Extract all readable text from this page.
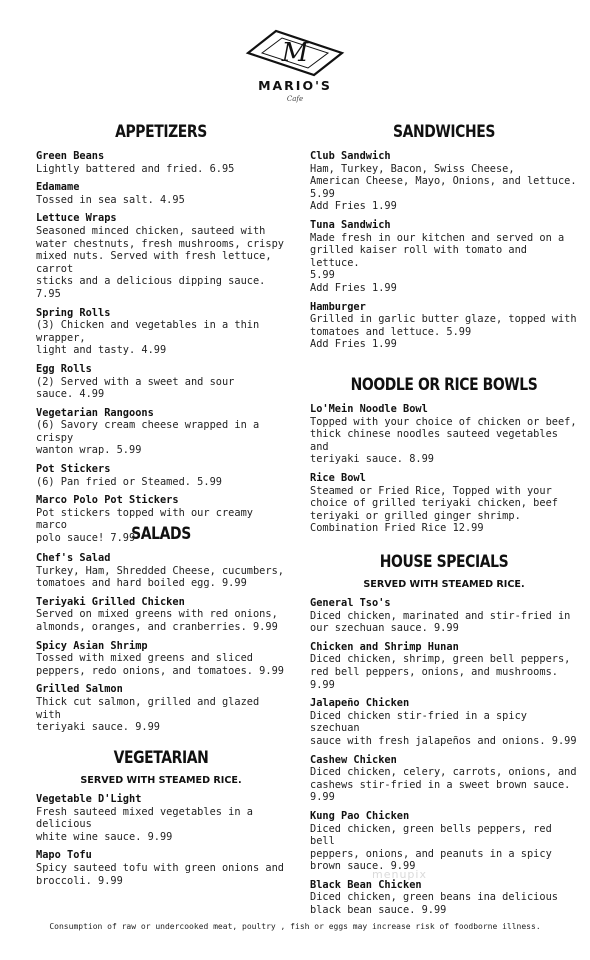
M
MARIO'S
Cafe
APPETIZERS
Green Beans
Lightly battered and fried. 6.95
Edamame
Tossed in sea salt. 4.95
Lettuce Wraps
Seasoned minced chicken, sauteed with
water chestnuts, fresh mushrooms, crispy
mixed nuts. Served with fresh lettuce, carrot
sticks and a delicious dipping sauce. 7.95
Spring Rolls
(3) Chicken and vegetables in a thin wrapper,
light and tasty. 4.99
Egg Rolls
(2) Served with a sweet and sour
sauce. 4.99
Vegetarian Rangoons
(6) Savory cream cheese wrapped in a crispy
wanton wrap. 5.99
Pot Stickers
(6) Pan fried or Steamed. 5.99
Marco Polo Pot Stickers
Pot stickers topped with our creamy marco
polo sauce! 7.99
SALADS
Chef's Salad
Turkey, Ham, Shredded Cheese, cucumbers,
tomatoes and hard boiled egg. 9.99
Teriyaki Grilled Chicken
Served on mixed greens with red onions,
almonds, oranges, and cranberries. 9.99
Spicy Asian Shrimp
Tossed with mixed greens and sliced
peppers, redo onions, and tomatoes. 9.99
Grilled Salmon
Thick cut salmon, grilled and glazed with
teriyaki sauce. 9.99
VEGETARIAN
SERVED WITH STEAMED RICE.
Vegetable D'Light
Fresh sauteed mixed vegetables in a delicious
white wine sauce. 9.99
Mapo Tofu
Spicy sauteed tofu with green onions and
broccoli. 9.99
SANDWICHES
Club Sandwich
Ham, Turkey, Bacon, Swiss Cheese,
American Cheese, Mayo, Onions, and lettuce.
5.99
Add Fries 1.99
Tuna Sandwich
Made fresh in our kitchen and served on a
grilled kaiser roll with tomato and lettuce.
5.99
Add Fries 1.99
Hamburger
Grilled in garlic butter glaze, topped with
tomatoes and lettuce. 5.99
Add Fries 1.99
NOODLE OR RICE BOWLS
Lo'Mein Noodle Bowl
Topped with your choice of chicken or beef,
thick chinese noodles sauteed vegetables and
teriyaki sauce. 8.99
Rice Bowl
Steamed or Fried Rice, Topped with your
choice of grilled teriyaki chicken, beef
teriyaki or grilled ginger shrimp.
Combination Fried Rice 12.99
HOUSE SPECIALS
SERVED WITH STEAMED RICE.
General Tso's
Diced chicken, marinated and stir-fried in
our szechuan sauce. 9.99
Chicken and Shrimp Hunan
Diced chicken, shrimp, green bell peppers,
red bell peppers, onions, and mushrooms.
9.99
Jalapeño Chicken
Diced chicken stir-fried in a spicy szechuan
sauce with fresh jalapeños and onions. 9.99
Cashew Chicken
Diced chicken, celery, carrots, onions, and
cashews stir-fried in a sweet brown sauce.
9.99
Kung Pao Chicken
Diced chicken, green bells peppers, red bell
peppers, onions, and peanuts in a spicy
brown sauce. 9.99
Black Bean Chicken
Diced chicken, green beans ina delicious
black bean sauce. 9.99
menupix
Consumption of raw or undercooked meat, poultry , fish or eggs may increase risk of foodborne illness.
